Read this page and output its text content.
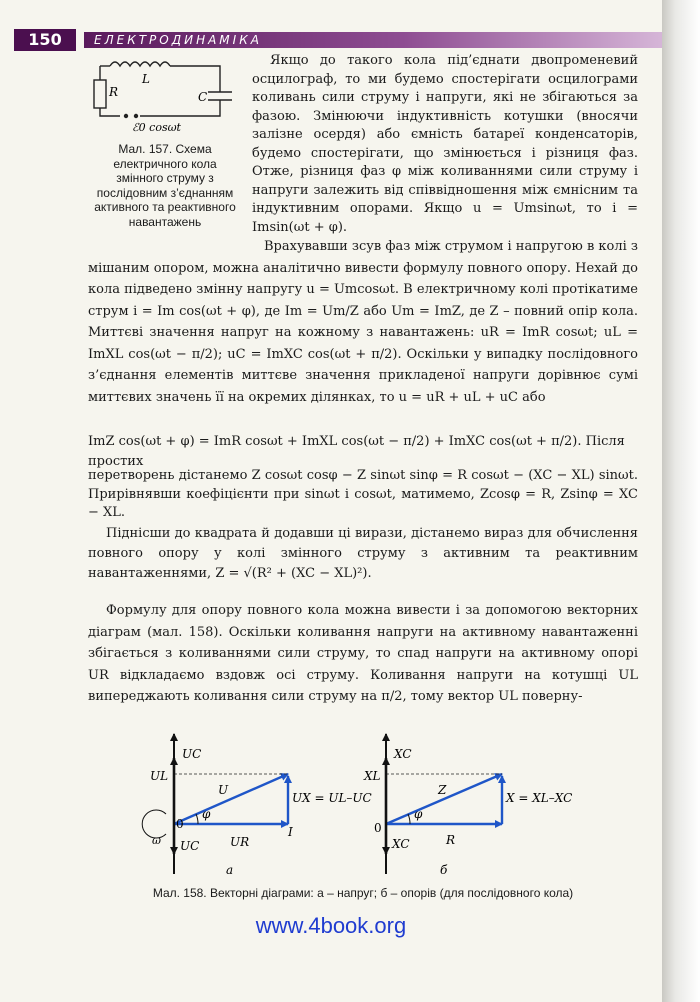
150	ЕЛЕКТРОДИНАМІКА
L
R	C
ℰ0 cosωt

Мал. 157. Схема електричного кола змінного струму з послідовним з’єднанням активного та реактивного навантажень

Якщо до такого кола під’єднати двопроменевий осцилограф, то ми будемо спостерігати осцилограми коливань сили струму і напруги, які не збігаються за фазою. Змінюючи індуктивність котушки (вносячи залізне осердя) або ємність батареї конденсаторів, будемо спостерігати, що змінюється і різниця фаз. Отже, різниця фаз φ між коливаннями сили струму і напруги залежить від співвідношення між ємнісним та індуктивним опорами. Якщо u = Umsinωt, то i = Imsin(ωt + φ).

Врахувавши зсув фаз між струмом і напругою в колі з мішаним опором, можна аналітично вивести формулу повного опору. Нехай до кола підведено змінну напругу u = Umcosωt. В електричному колі протікатиме струм i = Im cos(ωt + φ), де Im = Um/Z або Um = ImZ, де Z – повний опір кола. Миттєві значення напруг на кожному з навантажень: uR = ImR cosωt; uL = ImXL cos(ωt − π/2); uC = ImXC cos(ωt + π/2). Оскільки у випадку послідовного з’єднання елементів миттєве значення прикладеної напруги дорівнює сумі миттєвих значень її на окремих ділянках, то u = uR + uL + uC або

ImZ cos(ωt + φ) = ImR cosωt + ImXL cos(ωt − π/2) + ImXC cos(ωt + π/2). Після простих

перетворень дістанемо Z cosωt cosφ − Z sinωt sinφ = R cosωt − (XC − XL) sinωt. Прирівнявши коефіцієнти при sinωt і cosωt, матимемо, Zcosφ = R, Zsinφ = XC − XL.

Піднісши до квадрата й додавши ці вирази, дістанемо вираз для обчислення повного опору у колі змінного струму з активним та реактивним навантаженнями, Z = √(R² + (XC − XL)²).

Формулу для опору повного кола можна вивести і за допомогою векторних діаграм (мал. 158). Оскільки коливання напруги на активному навантаженні збігається з коливаннями сили струму, то спад напруги на активному опорі UR відкладаємо вздовж осі струму. Коливання напруги на котушці UL випереджають коливання сили струму на π/2, тому вектор UL поверну-

UC
UL
U
φ
UX = UL–UC
0
UR
I
UC
ω
а
XC
XL
Z
φ
X = XL–XC
0
R
XC
б

Мал. 158. Векторні діаграми: а – напруг; б – опорів (для послідовного кола)

www.4book.org
